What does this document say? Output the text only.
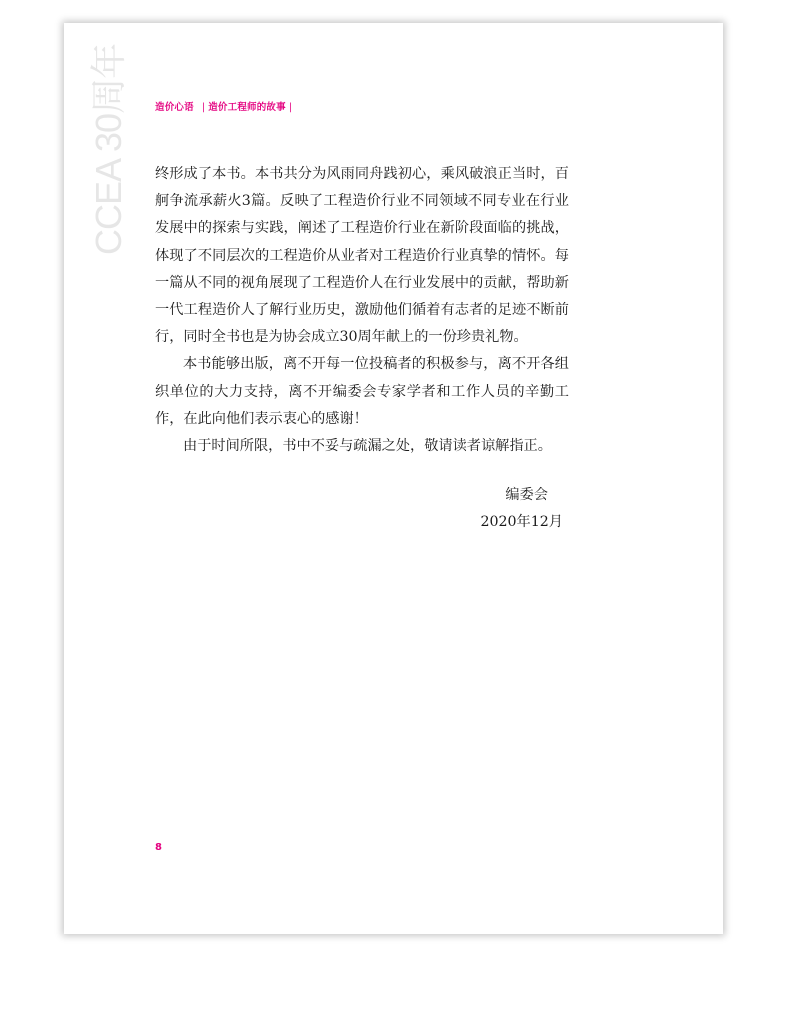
造价心语 | 造价工程师的故事 |
CCEA 30周年	终形成了本书。本书共分为风雨同舟践初心，乘风破浪正当时，百舸争流承薪火3篇。反映了工程造价行业不同领域不同专业在行业发展中的探索与实践，阐述了工程造价行业在新阶段面临的挑战，体现了不同层次的工程造价从业者对工程造价行业真挚的情怀。每一篇从不同的视角展现了工程造价人在行业发展中的贡献，帮助新一代工程造价人了解行业历史，激励他们循着有志者的足迹不断前行，同时全书也是为协会成立30周年献上的一份珍贵礼物。

本书能够出版，离不开每一位投稿者的积极参与，离不开各组织单位的大力支持，离不开编委会专家学者和工作人员的辛勤工作，在此向他们表示衷心的感谢！

由于时间所限，书中不妥与疏漏之处，敬请读者谅解指正。

编委会
2020年12月
8
